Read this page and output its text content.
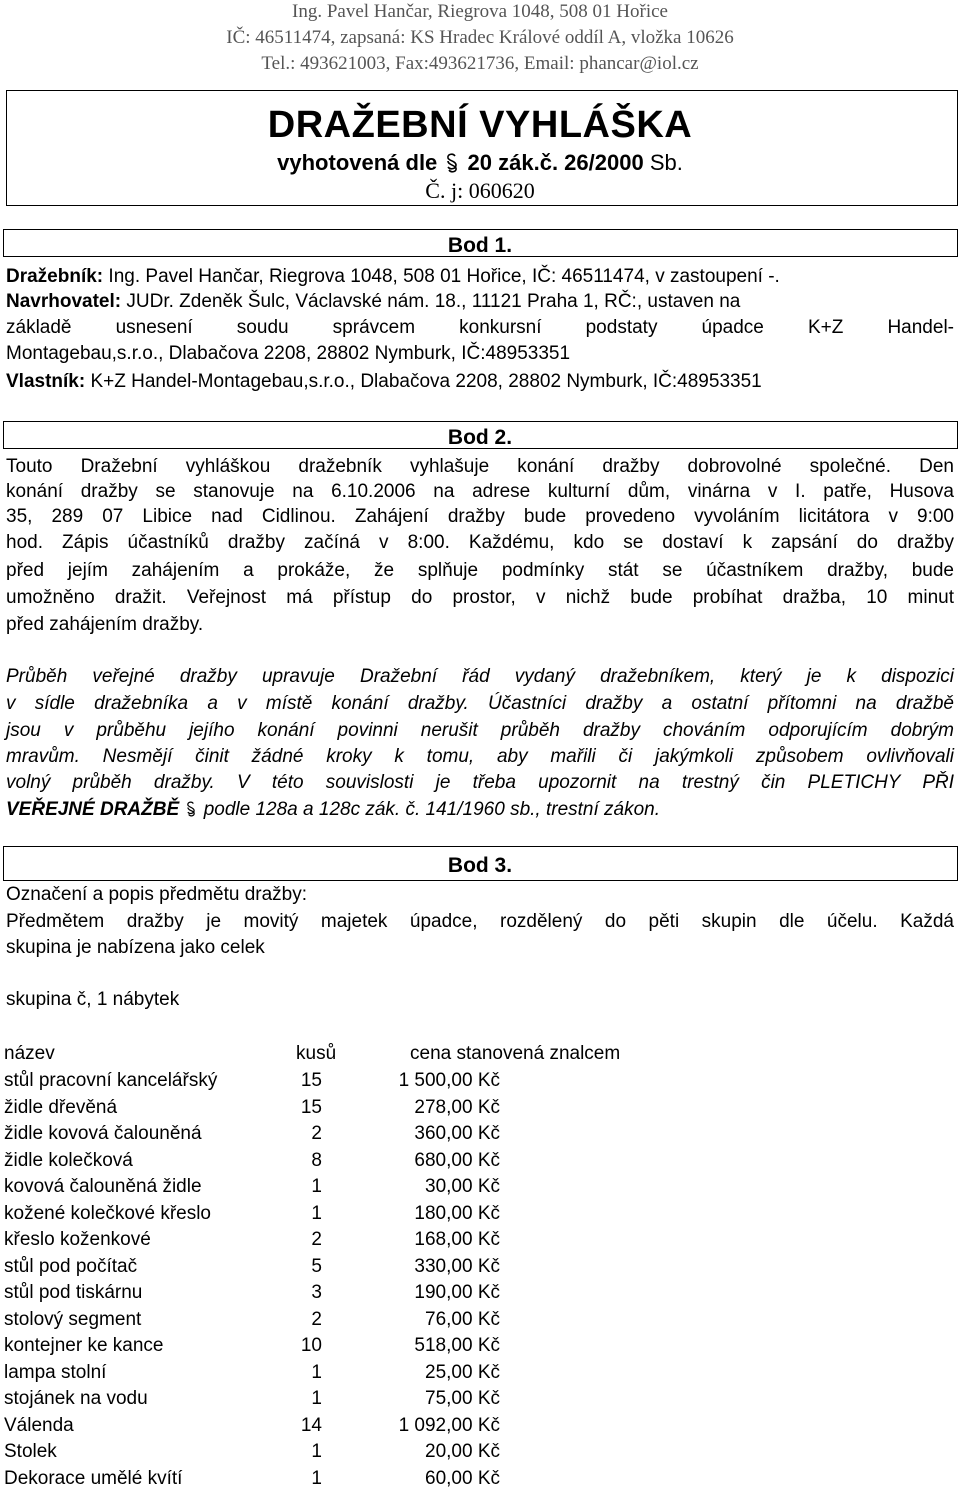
Ing. Pavel Hančar, Riegrova 1048, 508 01 Hořice
IČ: 46511474, zapsaná: KS Hradec Králové oddíl A, vložka 10626
Tel.: 493621003, Fax:493621736, Email: phancar@iol.cz
DRAŽEBNÍ VYHLÁŠKA
vyhotovená dle 20 zák.č. 26/2000 Sb.
Č. j: 060620
Bod 1.
Dražebník: Ing. Pavel Hančar, Riegrova 1048, 508 01 Hořice, IČ: 46511474, v zastoupení -.
Navrhovatel: JUDr. Zdeněk Šulc, Václavské nám. 18., 11121 Praha 1, RČ:, ustaven na
základě usnesení soudu správcem konkursní podstaty úpadce K+Z Handel-
Montagebau,s.r.o., Dlabačova 2208, 28802 Nymburk, IČ:48953351
Vlastník: K+Z Handel-Montagebau,s.r.o., Dlabačova 2208, 28802 Nymburk, IČ:48953351
Bod 2.
Touto Dražební vyhláškou dražebník vyhlašuje konání dražby dobrovolné společné. Den
konání dražby se stanovuje na 6.10.2006 na adrese kulturní dům, vinárna v I. patře, Husova
35, 289 07 Libice nad Cidlinou. Zahájení dražby bude provedeno vyvoláním licitátora v 9:00
hod. Zápis účastníků dražby začíná v 8:00. Každému, kdo se dostaví k zapsání do dražby
před jejím zahájením a prokáže, že splňuje podmínky stát se účastníkem dražby, bude
umožněno dražit. Veřejnost má přístup do prostor, v nichž bude probíhat dražba, 10 minut
před zahájením dražby.
Průběh veřejné dražby upravuje Dražební řád vydaný dražebníkem, který je k dispozici
v sídle dražebníka a v místě konání dražby. Účastníci dražby a ostatní přítomni na dražbě
jsou v průběhu jejího konání povinni nerušit průběh dražby chováním odporujícím dobrým
mravům. Nesmějí činit žádné kroky k tomu, aby mařili či jakýmkoli způsobem ovlivňovali
volný průběh dražby. V této souvislosti je třeba upozornit na trestný čin PLETICHY PŘI
VEŘEJNÉ DRAŽBĚ podle 128a a 128c zák. č. 141/1960 sb., trestní zákon.
Bod 3.
Označení a popis předmětu dražby:
Předmětem dražby je movitý majetek úpadce, rozdělený do pěti skupin dle účelu. Každá
skupina je nabízena jako celek
skupina č, 1 nábytek
název	kusů	cena stanovená znalcem
stůl pracovní kancelářský	15	1 500,00 Kč
židle dřevěná	15	278,00 Kč
židle kovová čalouněná	2	360,00 Kč
židle kolečková	8	680,00 Kč
kovová čalouněná židle	1	30,00 Kč
kožené kolečkové křeslo	1	180,00 Kč
křeslo koženkové	2	168,00 Kč
stůl pod počítač	5	330,00 Kč
stůl pod tiskárnu	3	190,00 Kč
stolový segment	2	76,00 Kč
kontejner ke kance	10	518,00 Kč
lampa stolní	1	25,00 Kč
stojánek na vodu	1	75,00 Kč
Válenda	14	1 092,00 Kč
Stolek	1	20,00 Kč
Dekorace umělé kvítí	1	60,00 Kč
